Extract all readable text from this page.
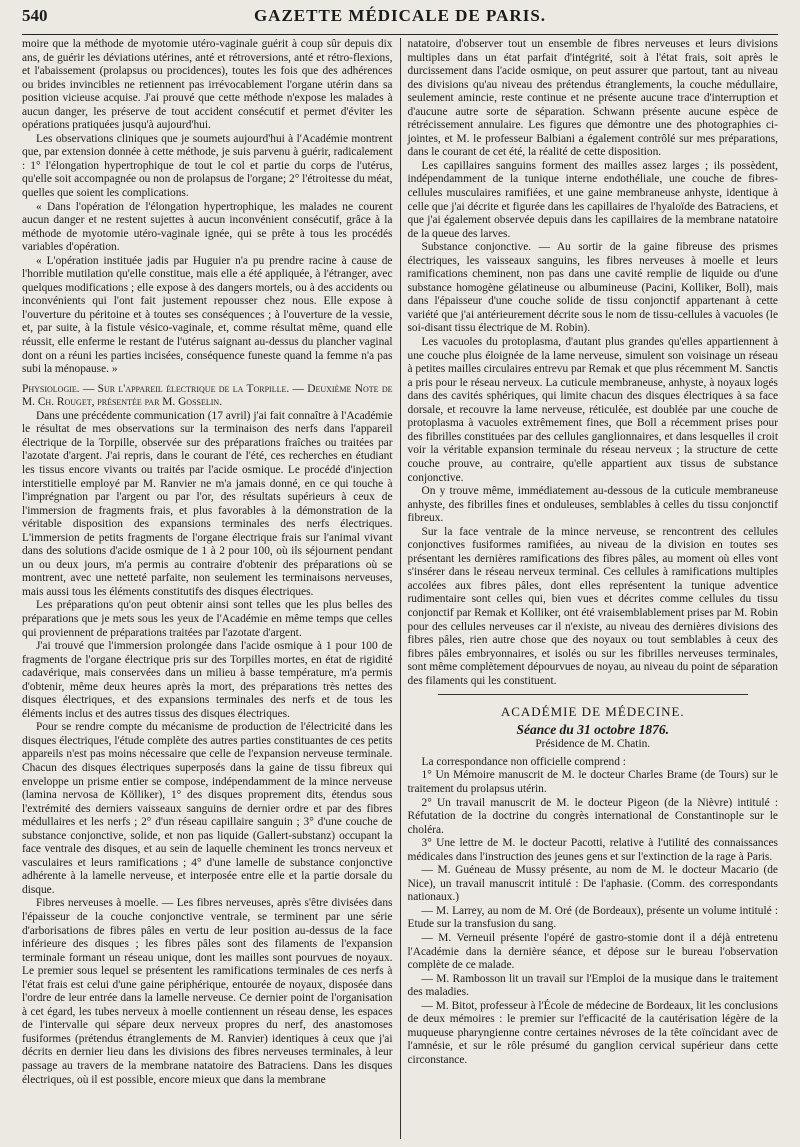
540	GAZETTE MÉDICALE DE PARIS.

moire que la méthode de myotomie utéro-vaginale guérit à coup sûr depuis dix ans, de guérir les déviations utérines, anté et rétroversions, anté et rétro-flexions, et l'abaissement (prolapsus ou procidences), toutes les fois que des adhérences ou brides invincibles ne retiennent pas irrévocablement l'organe utérin dans sa position vicieuse acquise. J'ai prouvé que cette méthode n'expose les malades à aucun danger, les préserve de tout accident consécutif et permet d'éviter les opérations pratiquées jusqu'à aujourd'hui.

Les observations cliniques que je soumets aujourd'hui à l'Académie montrent que, par extension donnée à cette méthode, je suis parvenu à guérir, radicalement : 1° l'élongation hypertrophique de tout le col et partie du corps de l'utérus, qu'elle soit accompagnée ou non de prolapsus de l'organe; 2° l'étroitesse du méat, quelles que soient les complications.

« Dans l'opération de l'élongation hypertrophique, les malades ne courent aucun danger et ne restent sujettes à aucun inconvénient consécutif, grâce à la méthode de myotomie utéro-vaginale ignée, qui se prête à tous les procédés variables d'opération.

« L'opération instituée jadis par Huguier n'a pu prendre racine à cause de l'horrible mutilation qu'elle constitue, mais elle a été appliquée, à l'étranger, avec quelques modifications ; elle expose à des dangers mortels, ou à des accidents ou inconvénients qui l'ont fait justement repousser chez nous. Elle expose à l'ouverture du péritoine et à toutes ses conséquences ; à l'ouverture de la vessie, et, par suite, à la fistule vésico-vaginale, et, comme résultat même, quand elle réussit, elle enferme le restant de l'utérus saignant au-dessus du plancher vaginal dont on a réuni les parties incisées, conséquence funeste quand la femme n'a pas subi la ménopause. »

Physiologie. — Sur l'appareil électrique de la Torpille. — Deuxième Note de M. Ch. Rouget, présentée par M. Gosselin.

Dans une précédente communication (17 avril) j'ai fait connaître à l'Académie le résultat de mes observations sur la terminaison des nerfs dans l'appareil électrique de la Torpille, observée sur des préparations fraîches ou traitées par l'azotate d'argent. J'ai repris, dans le courant de l'été, ces recherches en étudiant les tissus encore vivants ou traités par l'acide osmique. Le procédé d'injection interstitielle employé par M. Ranvier ne m'a jamais donné, en ce qui touche à l'imprégnation par l'argent ou par l'or, des résultats supérieurs à ceux de l'immersion de fragments frais, et plus favorables à la démonstration de la véritable disposition des expansions terminales des nerfs électriques. L'immersion de petits fragments de l'organe électrique frais sur l'animal vivant dans des solutions d'acide osmique de 1 à 2 pour 100, où ils séjournent pendant un ou deux jours, m'a permis au contraire d'obtenir des préparations où se montrent, avec une netteté parfaite, non seulement les terminaisons nerveuses, mais aussi tous les éléments constitutifs des disques électriques.

Les préparations qu'on peut obtenir ainsi sont telles que les plus belles des préparations que je mets sous les yeux de l'Académie en même temps que celles qui proviennent de préparations traitées par l'azotate d'argent.

J'ai trouvé que l'immersion prolongée dans l'acide osmique à 1 pour 100 de fragments de l'organe électrique pris sur des Torpilles mortes, en état de rigidité cadavérique, mais conservées dans un milieu à basse température, m'a permis d'obtenir, même deux heures après la mort, des préparations très nettes des disques électriques, et des expansions terminales des nerfs et de tous les éléments inclus et des autres tissus des disques électriques.

Pour se rendre compte du mécanisme de production de l'électricité dans les disques électriques, l'étude complète des autres parties constituantes de ces petits appareils n'est pas moins nécessaire que celle de l'expansion nerveuse terminale. Chacun des disques électriques superposés dans la gaine de tissu fibreux qui enveloppe un prisme entier se compose, indépendamment de la mince nerveuse (lamina nervosa de Kölliker), 1° des disques proprement dits, étendus sous l'extrémité des derniers vaisseaux sanguins de dernier ordre et par des fibres médullaires et les nerfs ; 2° d'un réseau capillaire sanguin ; 3° d'une couche de substance conjonctive, solide, et non pas liquide (Gallert-substanz) occupant la face ventrale des disques, et au sein de laquelle cheminent les troncs nerveux et vasculaires et leurs ramifications ; 4° d'une lamelle de substance conjonctive adhérente à la lamelle nerveuse, et interposée entre elle et la partie dorsale du disque.

Fibres nerveuses à moelle. — Les fibres nerveuses, après s'être divisées dans l'épaisseur de la couche conjonctive ventrale, se terminent par une série d'arborisations de fibres pâles en vertu de leur position au-dessus de la face inférieure des disques ; les fibres pâles sont des filaments de l'expansion terminale formant un réseau unique, dont les mailles sont pourvues de noyaux. Le premier sous lequel se présentent les ramifications terminales de ces nerfs à l'état frais est celui d'une gaine périphérique, entourée de noyaux, disposée dans l'ordre de leur entrée dans la lamelle nerveuse. Ce dernier point de l'organisation à cet égard, les tubes nerveux à moelle contiennent un réseau dense, les espaces de l'intervalle qui sépare deux nerveux propres du nerf, des anastomoses fusiformes (prétendus étranglements de M. Ranvier) identiques à ceux que j'ai décrits en dernier lieu dans les divisions des fibres nerveuses terminales, à leur passage au travers de la membrane natatoire des Batraciens. Dans les disques électriques, où il est possible, encore mieux que dans la membrane

natatoire, d'observer tout un ensemble de fibres nerveuses et leurs divisions multiples dans un état parfait d'intégrité, soit à l'état frais, soit après le durcissement dans l'acide osmique, on peut assurer que partout, tant au niveau des divisions qu'au niveau des prétendus étranglements, la couche médullaire, seulement amincie, reste continue et ne présente aucune trace d'interruption et d'aucune autre sorte de séparation. Schwann présente aucune espèce de rétrécissement annulaire. Les figures que démontre une des photographies ci-jointes, et M. le professeur Balbiani a également contrôlé sur mes préparations, dans le courant de cet été, la réalité de cette disposition.

Les capillaires sanguins forment des mailles assez larges ; ils possèdent, indépendamment de la tunique interne endothéliale, une couche de fibres-cellules musculaires ramifiées, et une gaine membraneuse anhyste, identique à celle que j'ai décrite et figurée dans les capillaires de l'hyaloïde des Batraciens, et que j'ai également observée depuis dans les capillaires de la membrane natatoire de la queue des larves.

Substance conjonctive. — Au sortir de la gaine fibreuse des prismes électriques, les vaisseaux sanguins, les fibres nerveuses à moelle et leurs ramifications cheminent, non pas dans une cavité remplie de liquide ou d'une substance homogène gélatineuse ou albumineuse (Pacini, Kolliker, Boll), mais dans l'épaisseur d'une couche solide de tissu conjonctif appartenant à cette variété que j'ai antérieurement décrite sous le nom de tissu-cellules à vacuoles (le soi-disant tissu électrique de M. Robin).

Les vacuoles du protoplasma, d'autant plus grandes qu'elles appartiennent à une couche plus éloignée de la lame nerveuse, simulent son voisinage un réseau à petites mailles circulaires entrevu par Remak et que plus récemment M. Sanctis a pris pour le réseau nerveux. La cuticule membraneuse, anhyste, à noyaux logés dans des cavités sphériques, qui limite chacun des disques électriques à sa face dorsale, et recouvre la lame nerveuse, réticulée, est doublée par une couche de protoplasma à vacuoles extrêmement fines, que Boll a récemment prises pour des fibrilles constituées par des cellules ganglionnaires, et dans lesquelles il croit voir la véritable expansion terminale du réseau nerveux ; la structure de cette couche prouve, au contraire, qu'elle appartient aux tissus de substance conjonctive.

On y trouve même, immédiatement au-dessous de la cuticule membraneuse anhyste, des fibrilles fines et onduleuses, semblables à celles du tissu conjonctif fibreux.

Sur la face ventrale de la mince nerveuse, se rencontrent des cellules conjonctives fusiformes ramifiées, au niveau de la division en toutes ses présentant les dernières ramifications des fibres pâles, au moment où elles vont s'insérer dans le réseau nerveux terminal. Ces cellules à ramifications multiples accolées aux fibres pâles, dont elles représentent la tunique adventice rudimentaire sont celles qui, bien vues et décrites comme cellules du tissu conjonctif par Remak et Kolliker, ont été vraisemblablement prises par M. Robin pour des cellules nerveuses car il n'existe, au niveau des dernières divisions des fibres pâles, rien autre chose que des noyaux ou tout semblables à ceux des fibres pâles embryonnaires, et isolés ou sur les fibrilles nerveuses terminales, sont même complètement dépourvues de noyau, au niveau du point de séparation des filaments qui les constituent.

ACADÉMIE DE MÉDECINE.
Séance du 31 octobre 1876.
Présidence de M. Chatin.

La correspondance non officielle comprend :

1° Un Mémoire manuscrit de M. le docteur Charles Brame (de Tours) sur le traitement du prolapsus utérin.

2° Un travail manuscrit de M. le docteur Pigeon (de la Nièvre) intitulé : Réfutation de la doctrine du congrès international de Constantinople sur le choléra.

3° Une lettre de M. le docteur Pacotti, relative à l'utilité des connaissances médicales dans l'instruction des jeunes gens et sur l'extinction de la rage à Paris.

— M. Guéneau de Mussy présente, au nom de M. le docteur Macario (de Nice), un travail manuscrit intitulé : De l'aphasie. (Comm. des correspondants nationaux.)

— M. Larrey, au nom de M. Oré (de Bordeaux), présente un volume intitulé : Etude sur la transfusion du sang.

— M. Verneuil présente l'opéré de gastro-stomie dont il a déjà entretenu l'Académie dans la dernière séance, et dépose sur le bureau l'observation complète de ce malade.

— M. Rambosson lit un travail sur l'Emploi de la musique dans le traitement des maladies.

— M. Bitot, professeur à l'École de médecine de Bordeaux, lit les conclusions de deux mémoires : le premier sur l'efficacité de la cautérisation légère de la muqueuse pharyngienne contre certaines névroses de la tête coïncidant avec de l'amnésie, et sur le rôle présumé du ganglion cervical supérieur dans cette circonstance.
